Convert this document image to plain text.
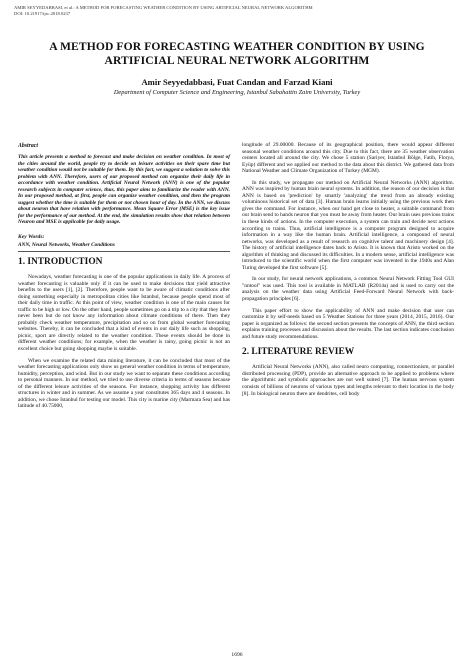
AMIR SEYYEDABBASI, et al.: A METHOD FOR FORECASTING WEATHER CONDITION BY USING ARTIFICIAL NEURAL NETWORK ALGORITHM
DOI: 10.21917/ijsc.2018.0237
A METHOD FOR FORECASTING WEATHER CONDITION BY USING ARTIFICIAL NEURAL NETWORK ALGORITHM
Amir Seyyedabbasi, Fuat Candan and Farzad Kiani
Department of Computer Science and Engineering, Istanbul Sabahattin Zaim University, Turkey
Abstract

This article presents a method to forecast and make decision on weather condition. In most of the cities around the world, people try to decide on leisure activities on their spare time but weather condition would not be suitable for them. By this fact, we suggest a solution to solve this problem with ANN. Therefore, users of our proposed method can organize their daily life in accordance with weather condition. Artificial Neural Network (ANN) is one of the popular research subjects in computer science, thus, this paper aims to familiarize the reader with ANN. In our proposed method, at first, people can organize weather condition, and then the program suggest whether the time is suitable for them or not chosen hour of day. In the ANN, we discuss about neuron that have relation with performance. Mean Square Error (MSE) is the key issue for the performance of our method. At the end, the simulation results show that relation between Neuron and MSE is applicable for daily usage.

Key Words:
ANN, Neural Networks, Weather Conditions
1. INTRODUCTION

Nowadays, weather forecasting is one of the popular applications in daily life. A process of weather forecasting is valuable only if it can be used to make decisions that yield attractive benefits to the users [1], [2]. Therefore, people want to be aware of climatic conditions after doing something especially in metropolitan cities like Istanbul, because people spend most of their daily time in traffic. At this point of view, weather condition is one of the main causes for traffic to be high or low. On the other hand, people sometimes go on a trip to a city that they have never been but do not know any information about climate conditions of there. Then they probably check weather temperature, precipitation and so on from global weather forecasting websites. Thereby, it can be concluded that a kind of events in our daily life such as shopping, picnic, sport are directly related to the weather condition. These events should be done in different weather conditions; for example, when the weather is rainy, going picnic is not an excellent choice but going shopping maybe is suitable.

When we examine the related data mining literature, it can be concluded that most of the weather forecasting applications only show us general weather condition in terms of temperature, humidity, perception, and wind. But in our study we want to separate these conditions according to personal manners. In our method, we tried to use diverse criteria in terms of seasons because of the different leisure activities of the seasons. For instance, shopping activity has different structures in winter and in summer. As we assume a year constitutes 365 days and 4 seasons. In addition, we chose Istanbul for testing our model. This city is marine city (Marmara Sea) and has latitude of 40.75000,

longitude of 29.00000. Because of its geographical position, there would appear different seasonal weather conditions around this city. Due to this fact, there are 35 weather observation centers located all around the city. We chose 5 station (Sariyer, Istanbul Bölge, Fatih, Florya, Eyüp) different and we applied our method to the data about this district. We gathered data from National Weather and Climate Organization of Turkey (MGM).

In this study, we propagate our method on Artificial Neural Networks (ANN) algorithm. ANN was inspired by human brain neural systems. In addition, the reason of our decision is that ANN is based on 'prediction' by smartly 'analyzing' the trend from an already existing voluminous historical set of data [3]. Human brain learns initially using the previous work then gives the command. For instance, when our hand get close to heater, a suitable command from our brain send to hands neuron that you must be away from heater. Our brain uses previous trains in these kinds of actions. In the computer execution, a system can train and decide next actions according to trains. Thus, artificial intelligence is a computer program designed to acquire information in a way like the human brain. Artificial intelligence, a compound of neural networks, was developed as a result of research on cognitive talent and machinery design [4]. The history of artificial intelligence dates back to Aristo. It is known that Aristo worked on the algorithm of thinking and discussed its difficulties. In a modern sense, artificial intelligence was introduced to the scientific world when the first computer was invented in the 1940s and Alan Turing developed the first software [5].

In our study, for neural network applications, a common Neural Network Fitting Tool GUI "nntool" was used. This tool is available in MATLAB (R2014a) and is used to carry out the analysis on the weather data using Artificial Feed-Forward Neural Network with back-propagation principles [6].

This paper effort to show the applicability of ANN and make decision that user can customize it by self-needs based on 5 Weather Stations for three years (2014, 2015, 2016). Our paper is organized as follows: the second section presents the concepts of ANN, the third section explains training processes and discussion about the results. The last section indicates conclusion and future study recommendations.

2. LITERATURE REVIEW

Artificial Neural Networks (ANN), also called neuro computing, connectionism, or parallel distributed processing (PDP), provide an alternative approach to be applied to problems where the algorithmic and symbolic approaches are not well suited [7]. The human nervous system consists of billions of neurons of various types and lengths relevant to their location in the body [8]. In biological neuron there are dendrites, cell body

1696
